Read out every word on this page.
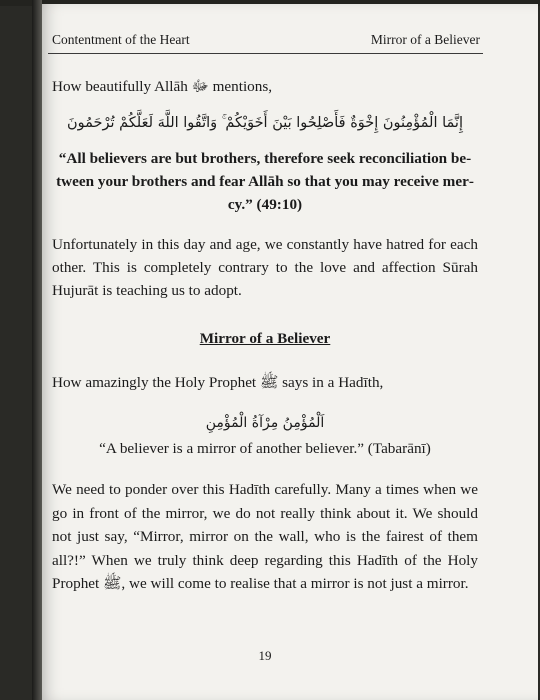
Contentment of the Heart	Mirror of a Believer
How beautifully Allāh ﷻ mentions,
إِنَّمَا الْمُؤْمِنُونَ إِخْوَةٌ فَأَصْلِحُوا بَيْنَ أَخَوَيْكُمْ ۚ وَاتَّقُوا اللَّهَ لَعَلَّكُمْ تُرْحَمُونَ
“All believers are but brothers, therefore seek reconciliation between your brothers and fear Allāh so that you may receive mercy.” (49:10)
Unfortunately in this day and age, we constantly have hatred for each other. This is completely contrary to the love and affection Sūrah Hujurāt is teaching us to adopt.
Mirror of a Believer
How amazingly the Holy Prophet ﷺ says in a Hadīth,
اَلْمُؤْمِنُ مِرْآةُ الْمُؤْمِنِ
“A believer is a mirror of another believer.” (Tabarānī)
We need to ponder over this Hadīth carefully. Many a times when we go in front of the mirror, we do not really think about it. We should not just say, “Mirror, mirror on the wall, who is the fairest of them all?!” When we truly think deep regarding this Hadīth of the Holy Prophet ﷺ, we will come to realise that a mirror is not just a mirror.
19
